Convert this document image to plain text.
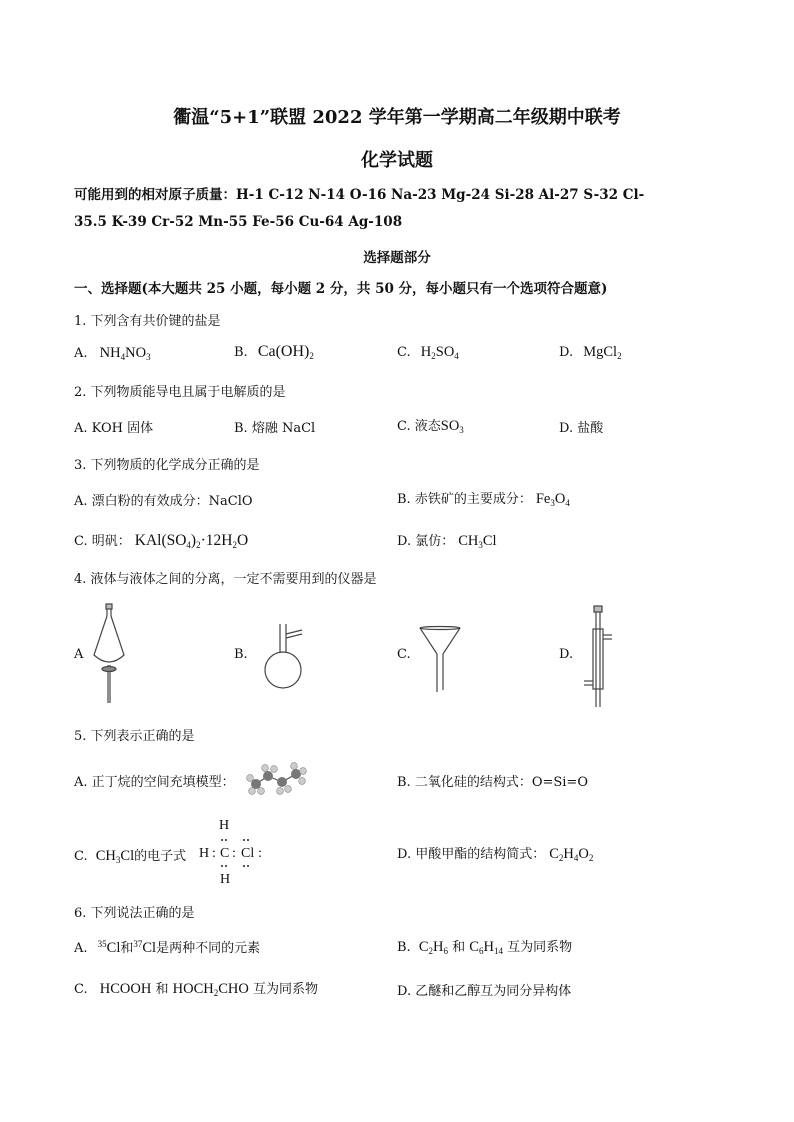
衢温“5+1”联盟 2022 学年第一学期高二年级期中联考
化学试题
可能用到的相对原子质量：H-1 C-12 N-14 O-16 Na-23 Mg-24 Si-28 Al-27 S-32 Cl-
35.5 K-39 Cr-52 Mn-55 Fe-56 Cu-64 Ag-108
选择题部分
一、选择题(本大题共 25 小题，每小题 2 分，共 50 分，每小题只有一个选项符合题意)
1. 下列含有共价键的盐是
A. $NH_4NO_3$	B. $Ca(OH)_2$	C. $H_2SO_4$	D. MgCl$_2$
2. 下列物质能导电且属于电解质的是
A. KOH 固体	B. 熔融 NaCl	C. 液态$SO_3$	D. 盐酸
3. 下列物质的化学成分正确的是
A. 漂白粉的有效成分：NaClO	B. 赤铁矿的主要成分： $Fe_3O_4$
C. 明矾： $KAl(SO_4)_2\cdot 12H_2O$	D. 氯仿： $CH_3Cl$
4. 液体与液体之间的分离，一定不需要用到的仪器是
A	B.	C.	D.
5. 下列表示正确的是
A. 正丁烷的空间充填模型：	B. 二氧化硅的结构式：O=Si=O
C. $CH_3Cl$的电子式
H
H : C : Cl :
H
D. 甲酸甲酯的结构简式： $C_2H_4O_2$
6. 下列说法正确的是
A. $^{35}$Cl和$^{37}$Cl是两种不同的元素	B. $C_2H_6$ 和 $C_6H_{14}$ 互为同系物
C. HCOOH 和 $HOCH_2CHO$ 互为同系物	D. 乙醚和乙醇互为同分异构体
